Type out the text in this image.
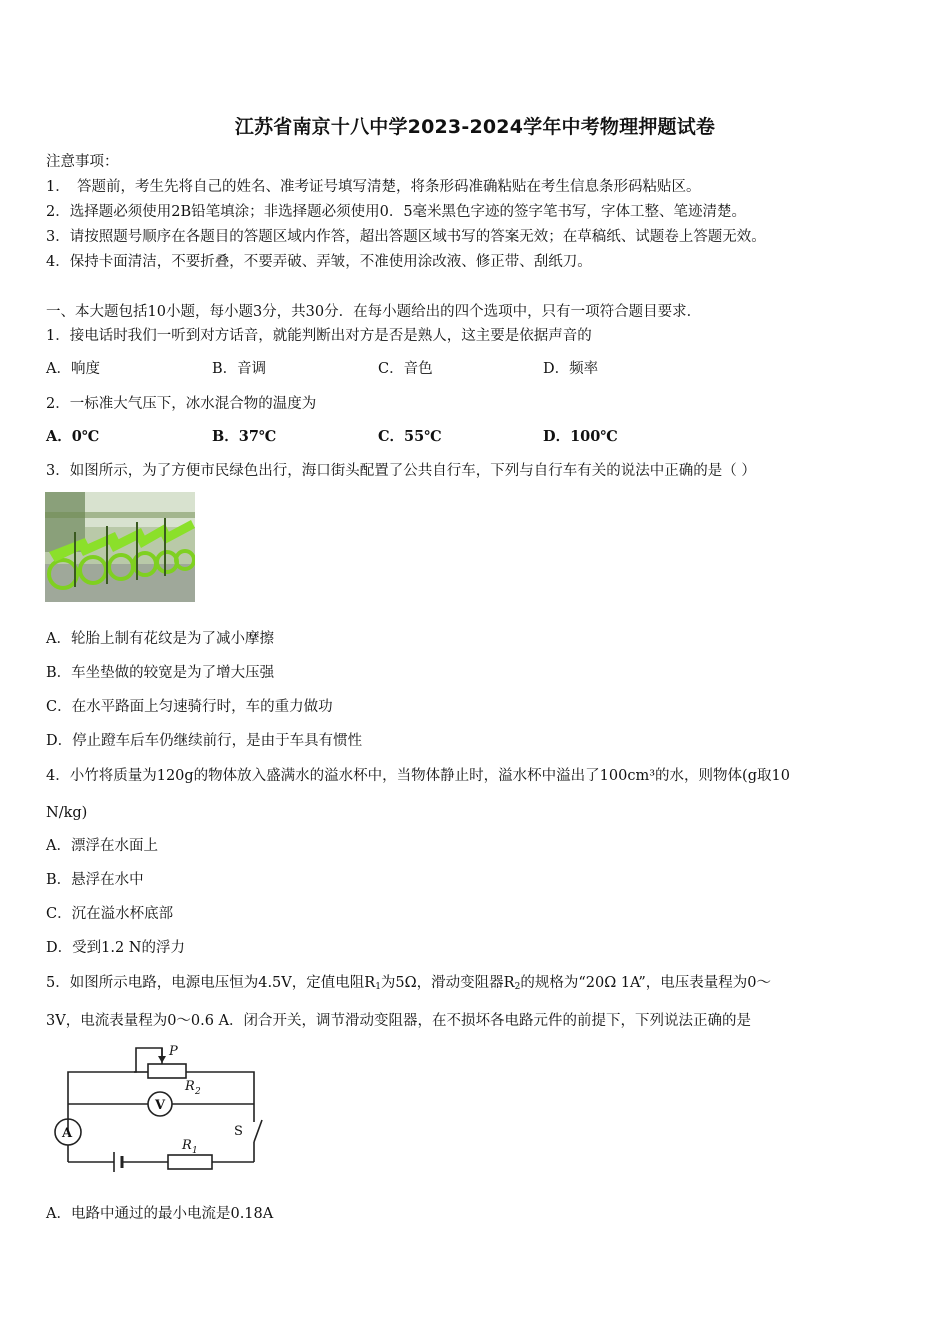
江苏省南京十八中学2023-2024学年中考物理押题试卷
注意事项：
1．　答题前，考生先将自己的姓名、准考证号填写清楚，将条形码准确粘贴在考生信息条形码粘贴区。
2．选择题必须使用2B铅笔填涂；非选择题必须使用0．5毫米黑色字迹的签字笔书写，字体工整、笔迹清楚。
3．请按照题号顺序在各题目的答题区域内作答，超出答题区域书写的答案无效；在草稿纸、试题卷上答题无效。
4．保持卡面清洁，不要折叠，不要弄破、弄皱，不准使用涂改液、修正带、刮纸刀。
一、本大题包括10小题，每小题3分，共30分．在每小题给出的四个选项中，只有一项符合题目要求．
1．接电话时我们一听到对方话音，就能判断出对方是否是熟人，这主要是依据声音的
A．响度	B．音调	C．音色	D．频率
2．一标准大气压下，冰水混合物的温度为
A．0℃	B．37℃	C．55℃	D．100℃
3．如图所示，为了方便市民绿色出行，海口街头配置了公共自行车，下列与自行车有关的说法中正确的是（ ）
A．轮胎上制有花纹是为了减小摩擦
B．车坐垫做的较宽是为了增大压强
C．在水平路面上匀速骑行时，车的重力做功
D．停止蹬车后车仍继续前行，是由于车具有惯性
4．小竹将质量为120g的物体放入盛满水的溢水杯中，当物体静止时，溢水杯中溢出了100cm³的水，则物体(g取10
N/kg)
A．漂浮在水面上
B．悬浮在水中
C．沉在溢水杯底部
D．受到1.2 N的浮力
5．如图所示电路，电源电压恒为4.5V，定值电阻$R_1$为5Ω，滑动变阻器$R_2$的规格为“20Ω 1A”，电压表量程为0～
3V，电流表量程为0～0.6 A．闭合开关，调节滑动变阻器，在不损坏各电路元件的前提下，下列说法正确的是
P
R 2
V
A	S
R 1
A．电路中通过的最小电流是0.18A
